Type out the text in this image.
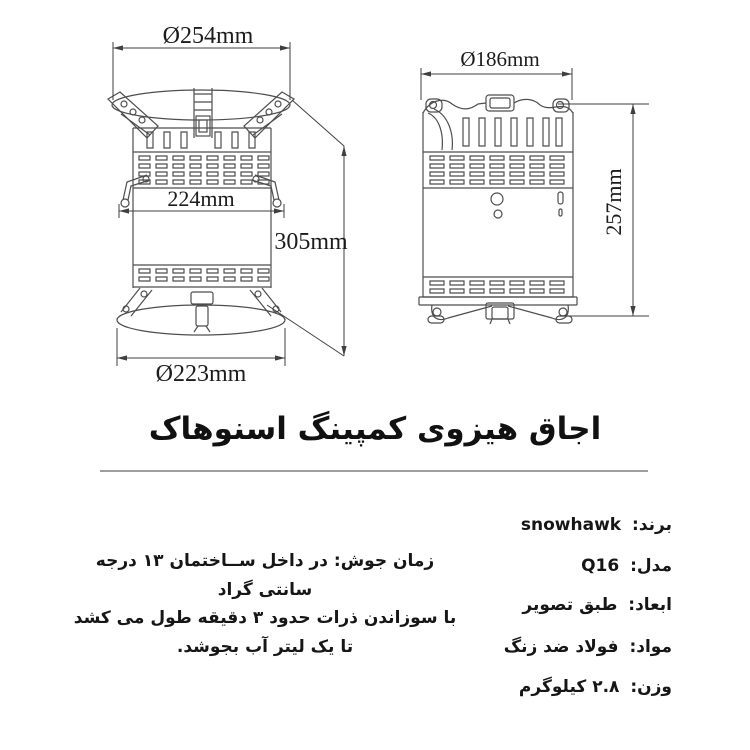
Ø254mm
224mm
305mm
Ø223mm
Ø186mm
257mm
اجاق هیزوی کمپینگ اسنوهاک
زمان جوش: در داخل ســاختمان ۱۳ درجه سانتی گراد
با سوزاندن ذرات حدود ۳ دقیقه طول می کشد
تا یک لیتر آب بجوشد.
برند: snowhawk
مدل: Q16
ابعاد: طبق تصویر
مواد: فولاد ضد زنگ
وزن: ۲.۸ کیلوگرم
